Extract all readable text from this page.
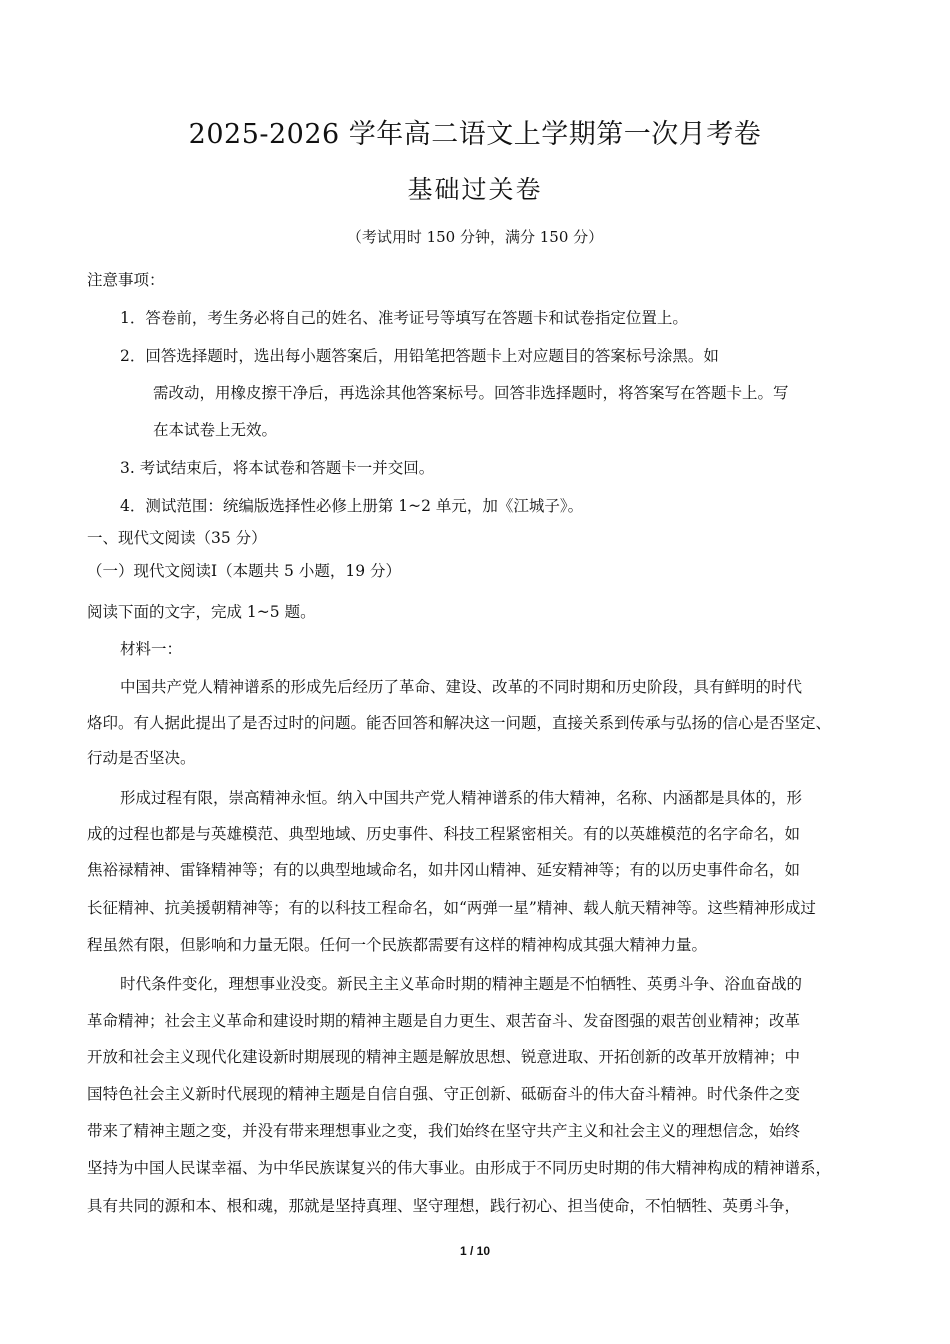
2025-2026 学年高二语文上学期第一次月考卷
基础过关卷
（考试用时 150 分钟，满分 150 分）
注意事项：
1．答卷前，考生务必将自己的姓名、准考证号等填写在答题卡和试卷指定位置上。
2．回答选择题时，选出每小题答案后，用铅笔把答题卡上对应题目的答案标号涂黑。如
需改动，用橡皮擦干净后，再选涂其他答案标号。回答非选择题时，将答案写在答题卡上。写
在本试卷上无效。
3. 考试结束后，将本试卷和答题卡一并交回。
4．测试范围：统编版选择性必修上册第 1~2 单元，加《江城子》。
一、现代文阅读（35 分）
（一）现代文阅读Ⅰ（本题共 5 小题，19 分）
阅读下面的文字，完成 1~5 题。
材料一：
中国共产党人精神谱系的形成先后经历了革命、建设、改革的不同时期和历史阶段，具有鲜明的时代
烙印。有人据此提出了是否过时的问题。能否回答和解决这一问题，直接关系到传承与弘扬的信心是否坚定、
行动是否坚决。
形成过程有限，崇高精神永恒。纳入中国共产党人精神谱系的伟大精神，名称、内涵都是具体的，形
成的过程也都是与英雄模范、典型地域、历史事件、科技工程紧密相关。有的以英雄模范的名字命名，如
焦裕禄精神、雷锋精神等；有的以典型地域命名，如井冈山精神、延安精神等；有的以历史事件命名，如
长征精神、抗美援朝精神等；有的以科技工程命名，如“两弹一星”精神、载人航天精神等。这些精神形成过
程虽然有限，但影响和力量无限。任何一个民族都需要有这样的精神构成其强大精神力量。
时代条件变化，理想事业没变。新民主主义革命时期的精神主题是不怕牺牲、英勇斗争、浴血奋战的
革命精神；社会主义革命和建设时期的精神主题是自力更生、艰苦奋斗、发奋图强的艰苦创业精神；改革
开放和社会主义现代化建设新时期展现的精神主题是解放思想、锐意进取、开拓创新的改革开放精神；中
国特色社会主义新时代展现的精神主题是自信自强、守正创新、砥砺奋斗的伟大奋斗精神。时代条件之变
带来了精神主题之变，并没有带来理想事业之变，我们始终在坚守共产主义和社会主义的理想信念，始终
坚持为中国人民谋幸福、为中华民族谋复兴的伟大事业。由形成于不同历史时期的伟大精神构成的精神谱系，
具有共同的源和本、根和魂，那就是坚持真理、坚守理想，践行初心、担当使命，不怕牺牲、英勇斗争，
1 / 10
